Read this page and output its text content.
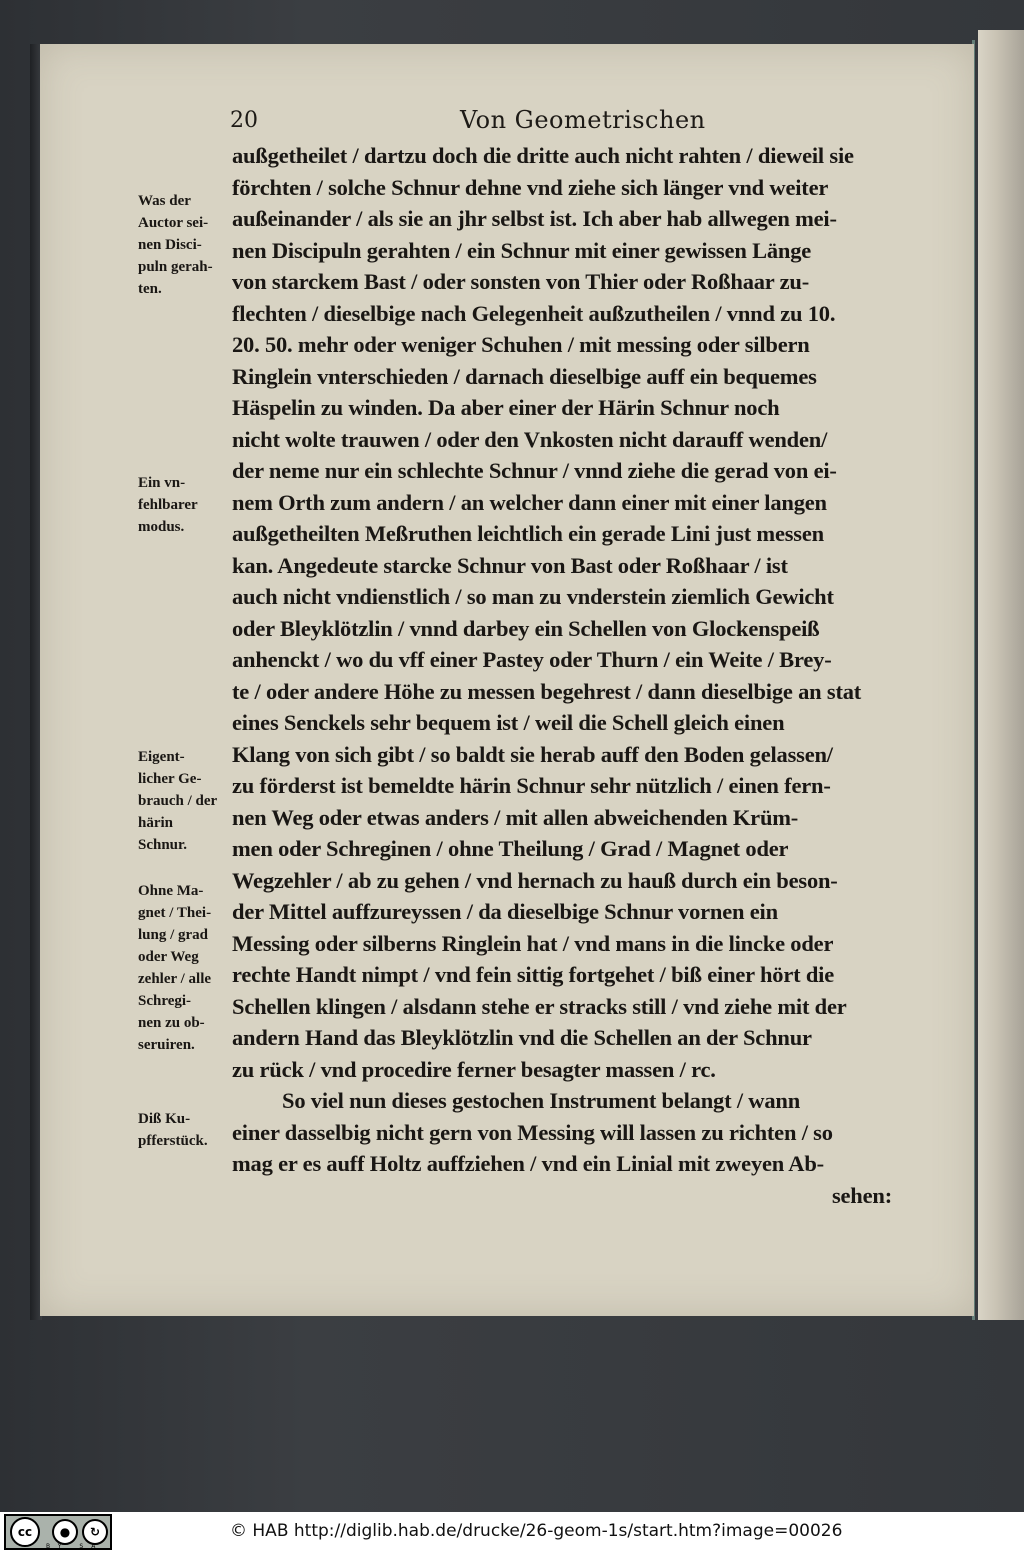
20	Von Geometrischen
außgetheilet / dartzu doch die dritte auch nicht rahten / dieweil sie
förchten / solche Schnur dehne vnd ziehe sich länger vnd weiter
außeinander / als sie an jhr selbst ist. Ich aber hab allwegen mei-
nen Discipuln gerahten / ein Schnur mit einer gewissen Länge
von starckem Bast / oder sonsten von Thier oder Roßhaar zu-
flechten / dieselbige nach Gelegenheit außzutheilen / vnnd zu 10.
20. 50. mehr oder weniger Schuhen / mit messing oder silbern
Ringlein vnterschieden / darnach dieselbige auff ein bequemes
Häspelin zu winden. Da aber einer der Härin Schnur noch
nicht wolte trauwen / oder den Vnkosten nicht darauff wenden/
der neme nur ein schlechte Schnur / vnnd ziehe die gerad von ei-
nem Orth zum andern / an welcher dann einer mit einer langen
außgetheilten Meßruthen leichtlich ein gerade Lini just messen
kan. Angedeute starcke Schnur von Bast oder Roßhaar / ist
auch nicht vndienstlich / so man zu vnderstein ziemlich Gewicht
oder Bleyklötzlin / vnnd darbey ein Schellen von Glockenspeiß
anhenckt / wo du vff einer Pastey oder Thurn / ein Weite / Brey-
te / oder andere Höhe zu messen begehrest / dann dieselbige an stat
eines Senckels sehr bequem ist / weil die Schell gleich einen
Klang von sich gibt / so baldt sie herab auff den Boden gelassen/
zu förderst ist bemeldte härin Schnur sehr nützlich / einen fern-
nen Weg oder etwas anders / mit allen abweichenden Krüm-
men oder Schreginen / ohne Theilung / Grad / Magnet oder
Wegzehler / ab zu gehen / vnd hernach zu hauß durch ein beson-
der Mittel auffzureyssen / da dieselbige Schnur vornen ein
Messing oder silberns Ringlein hat / vnd mans in die lincke oder
rechte Handt nimpt / vnd fein sittig fortgehet / biß einer hört die
Schellen klingen / alsdann stehe er stracks still / vnd ziehe mit der
andern Hand das Bleyklötzlin vnd die Schellen an der Schnur
zu rück / vnd procedire ferner besagter massen / rc.
So viel nun dieses gestochen Instrument belangt / wann
einer dasselbig nicht gern von Messing will lassen zu richten / so
mag er es auff Holtz auffziehen / vnd ein Linial mit zweyen Ab-
sehen:
Was der
Auctor sei-
nen Disci-
puln gerah-
ten.
Ein vn-
fehlbarer
modus.
Eigent-
licher Ge-
brauch / der
härin
Schnur.
Ohne Ma-
gnet / Thei-
lung / grad
oder Weg
zehler / alle
Schregi-
nen zu ob-
seruiren.
Diß Ku-
pfferstück.
cc	●	↻
BY SA
© HAB http://diglib.hab.de/drucke/26-geom-1s/start.htm?image=00026
